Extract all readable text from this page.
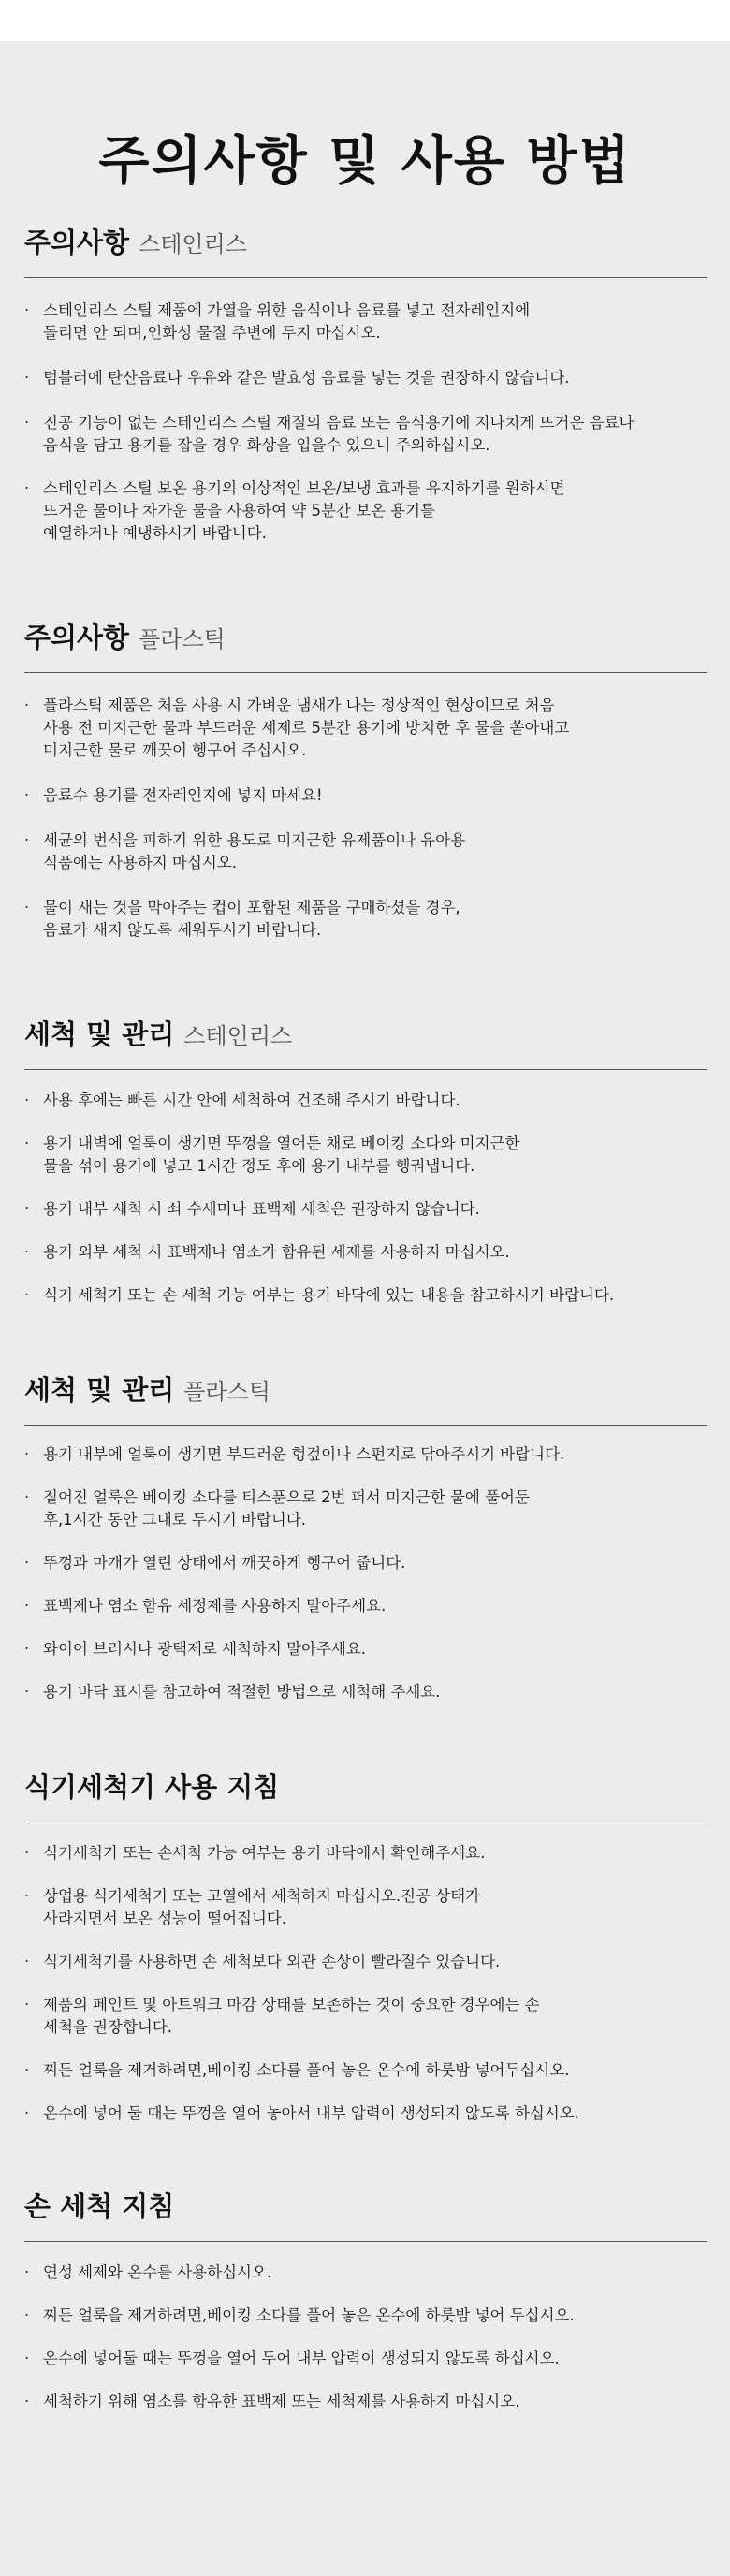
주의사항 및 사용 방법
주의사항 스테인리스
· 스테인리스 스틸 제품에 가열을 위한 음식이나 음료를 넣고 전자레인지에
돌리면 안 되며,인화성 물질 주변에 두지 마십시오.
· 텀블러에 탄산음료나 우유와 같은 발효성 음료를 넣는 것을 권장하지 않습니다.
· 진공 기능이 없는 스테인리스 스틸 재질의 음료 또는 음식용기에 지나치게 뜨거운 음료나
음식을 담고 용기를 잡을 경우 화상을 입을수 있으니 주의하십시오.
· 스테인리스 스틸 보온 용기의 이상적인 보온/보냉 효과를 유지하기를 원하시면
뜨거운 물이나 차가운 물을 사용하여 약 5분간 보온 용기를
예열하거나 예냉하시기 바랍니다.
주의사항 플라스틱
· 플라스틱 제품은 처음 사용 시 가벼운 냄새가 나는 정상적인 현상이므로 처음
사용 전 미지근한 물과 부드러운 세제로 5분간 용기에 방치한 후 물을 쏟아내고
미지근한 물로 깨끗이 헹구어 주십시오.
· 음료수 용기를 전자레인지에 넣지 마세요!
· 세균의 번식을 피하기 위한 용도로 미지근한 유제품이나 유아용
식품에는 사용하지 마십시오.
· 물이 새는 것을 막아주는 컵이 포함된 제품을 구매하셨을 경우,
음료가 새지 않도록 세워두시기 바랍니다.
세척 및 관리 스테인리스
· 사용 후에는 빠른 시간 안에 세척하여 건조해 주시기 바랍니다.
· 용기 내벽에 얼룩이 생기면 뚜껑을 열어둔 채로 베이킹 소다와 미지근한
물을 섞어 용기에 넣고 1시간 정도 후에 용기 내부를 헹궈냅니다.
· 용기 내부 세척 시 쇠 수세미나 표백제 세척은 권장하지 않습니다.
· 용기 외부 세척 시 표백제나 염소가 함유된 세제를 사용하지 마십시오.
· 식기 세척기 또는 손 세척 기능 여부는 용기 바닥에 있는 내용을 참고하시기 바랍니다.
세척 및 관리 플라스틱
· 용기 내부에 얼룩이 생기면 부드러운 헝겊이나 스펀지로 닦아주시기 바랍니다.
· 짙어진 얼룩은 베이킹 소다를 티스푼으로 2번 퍼서 미지근한 물에 풀어둔
후,1시간 동안 그대로 두시기 바랍니다.
· 뚜껑과 마개가 열린 상태에서 깨끗하게 헹구어 줍니다.
· 표백제나 염소 함유 세정제를 사용하지 말아주세요.
· 와이어 브러시나 광택제로 세척하지 말아주세요.
· 용기 바닥 표시를 참고하여 적절한 방법으로 세척해 주세요.
식기세척기 사용 지침
· 식기세척기 또는 손세척 가능 여부는 용기 바닥에서 확인해주세요.
· 상업용 식기세척기 또는 고열에서 세척하지 마십시오.진공 상태가
사라지면서 보온 성능이 떨어집니다.
· 식기세척기를 사용하면 손 세척보다 외관 손상이 빨라질수 있습니다.
· 제품의 페인트 및 아트워크 마감 상태를 보존하는 것이 중요한 경우에는 손
세척을 권장합니다.
· 찌든 얼룩을 제거하려면,베이킹 소다를 풀어 놓은 온수에 하룻밤 넣어두십시오.
· 온수에 넣어 둘 때는 뚜껑을 열어 놓아서 내부 압력이 생성되지 않도록 하십시오.
손 세척 지침
· 연성 세제와 온수를 사용하십시오.
· 찌든 얼룩을 제거하려면,베이킹 소다를 풀어 놓은 온수에 하룻밤 넣어 두십시오.
· 온수에 넣어둘 때는 뚜껑을 열어 두어 내부 압력이 생성되지 않도록 하십시오.
· 세척하기 위해 염소를 함유한 표백제 또는 세척제를 사용하지 마십시오.
